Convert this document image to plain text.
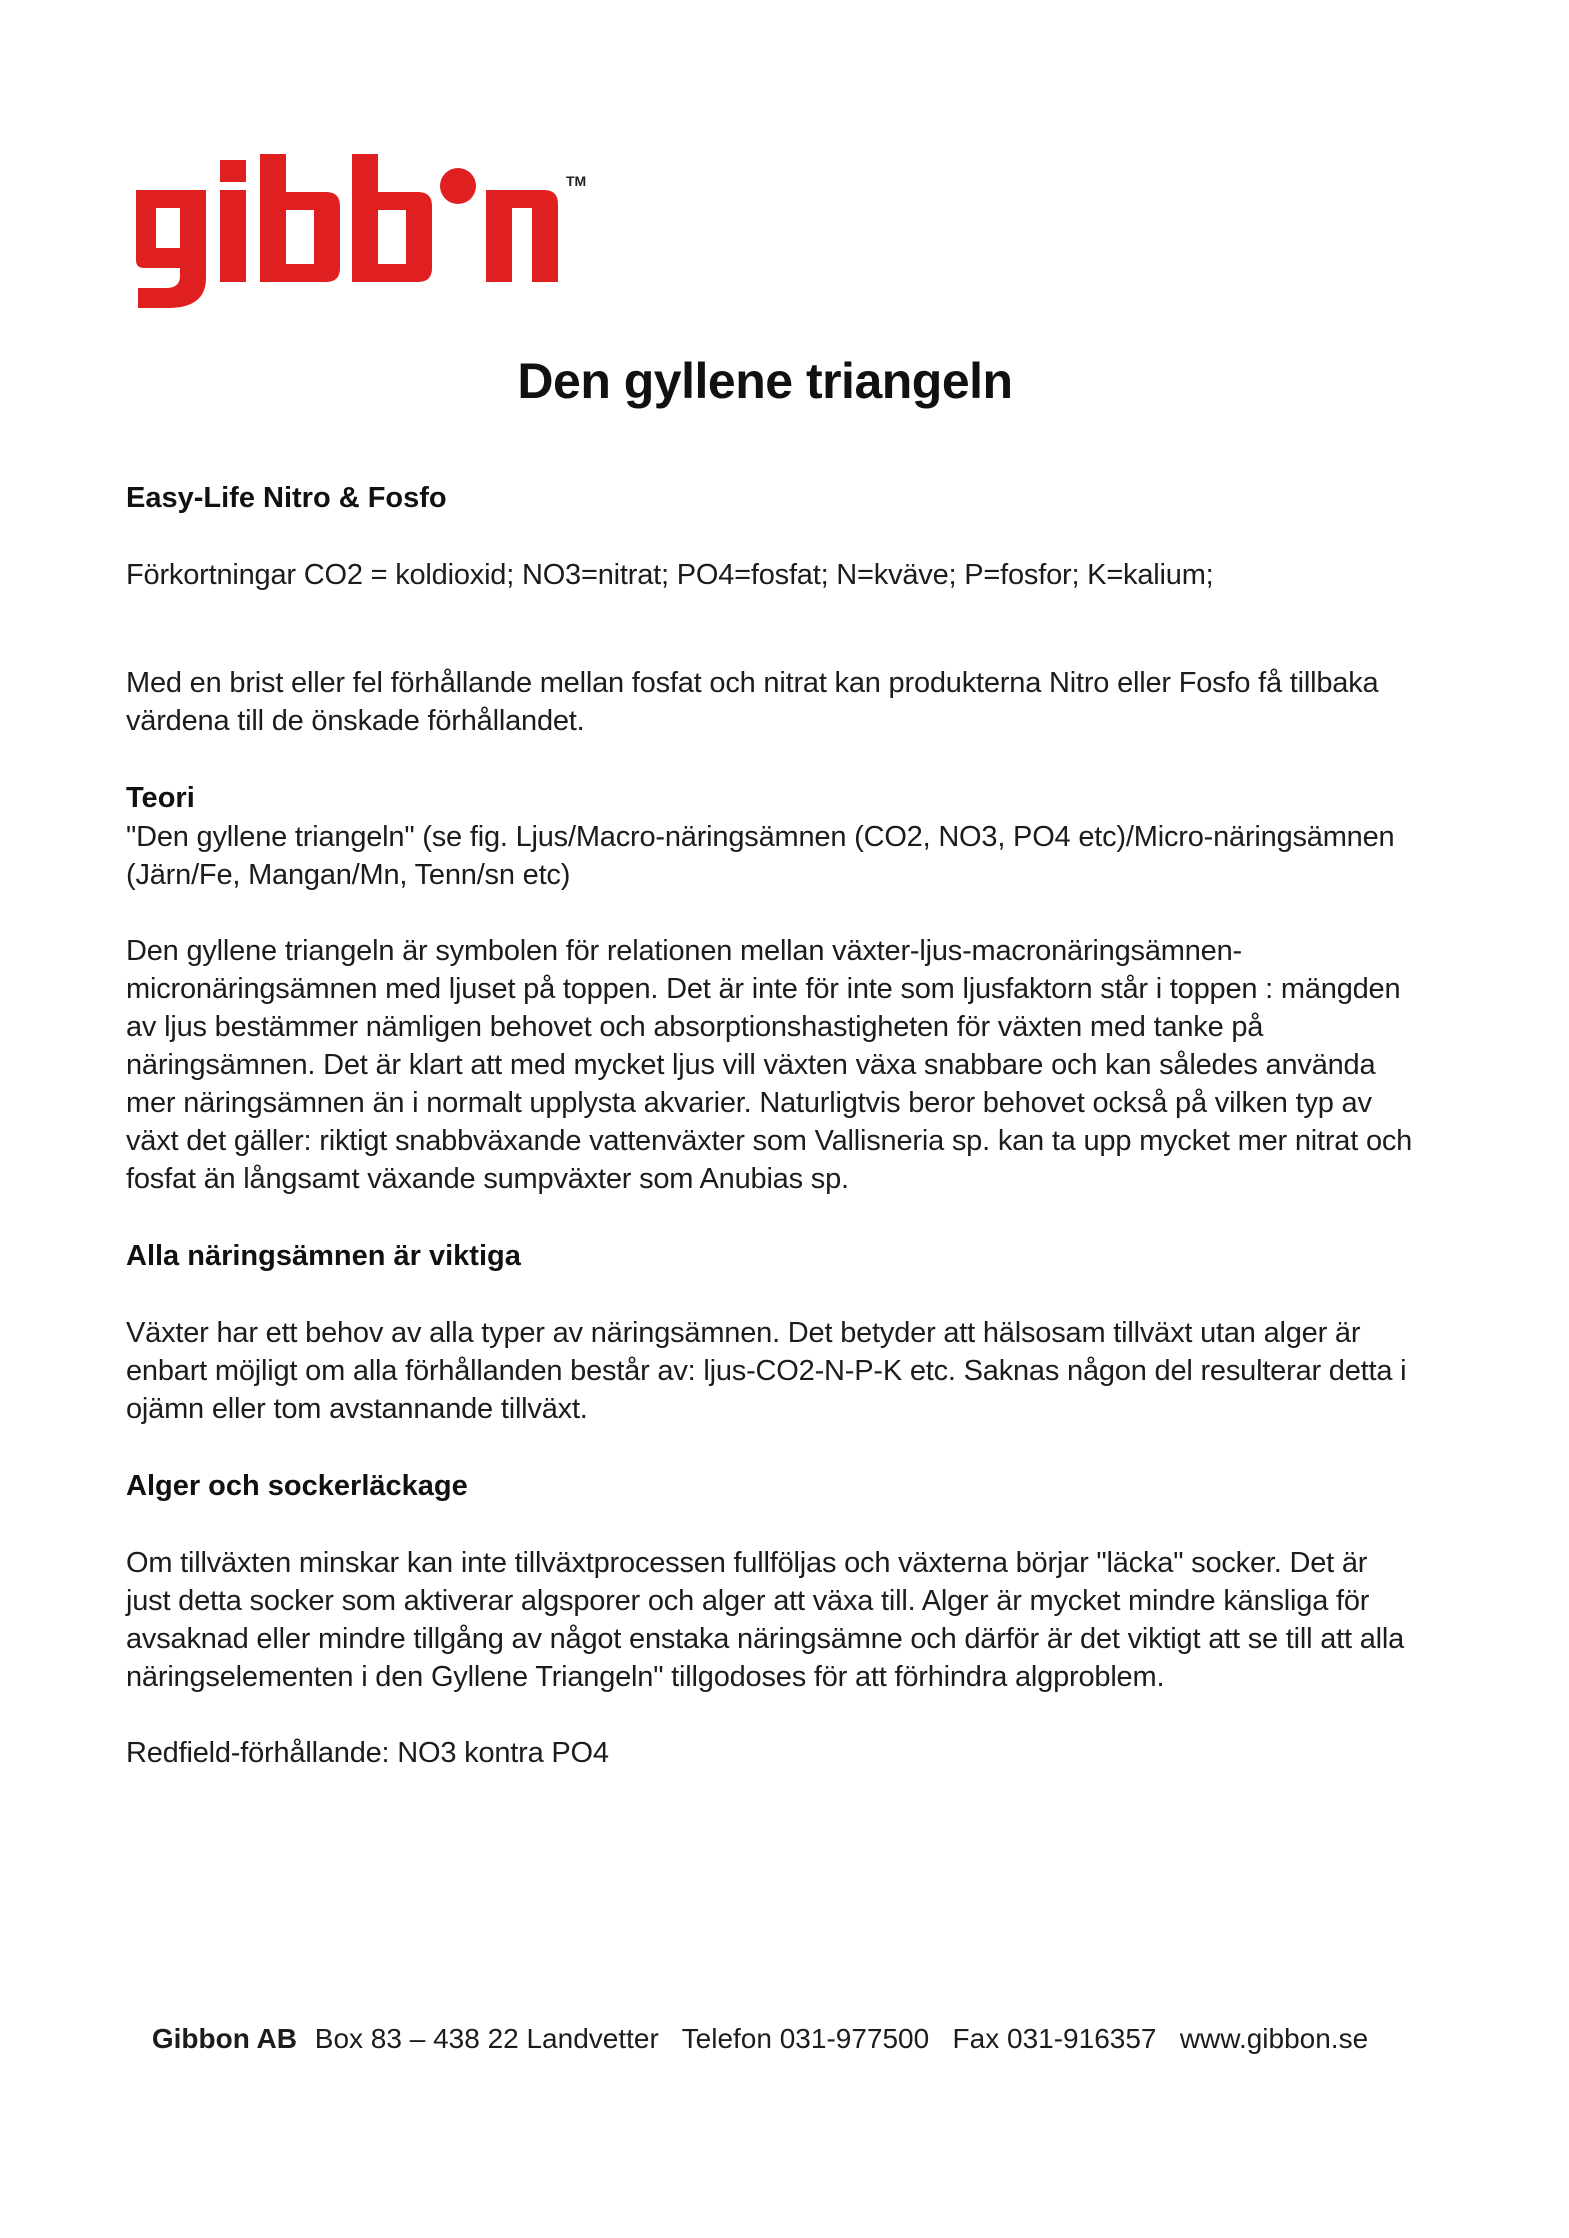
TM
Den gyllene triangeln
Easy-Life Nitro & Fosfo

Förkortningar CO2 = koldioxid; NO3=nitrat; PO4=fosfat; N=kväve; P=fosfor; K=kalium;

Med en brist eller fel förhållande mellan fosfat och nitrat kan produkterna Nitro eller Fosfo få tillbaka värdena till de önskade förhållandet.

Teori

"Den gyllene triangeln" (se fig. Ljus/Macro-näringsämnen (CO2, NO3, PO4 etc)/Micro-näringsämnen (Järn/Fe, Mangan/Mn, Tenn/sn etc)

Den gyllene triangeln är symbolen för relationen mellan växter-ljus-macronäringsämnen-micronäringsämnen med ljuset på toppen. Det är inte för inte som ljusfaktorn står i toppen : mängden av ljus bestämmer nämligen behovet och absorptionshastigheten för växten med tanke på näringsämnen. Det är klart att med mycket ljus vill växten växa snabbare och kan således använda mer näringsämnen än i normalt upplysta akvarier. Naturligtvis beror behovet också på vilken typ av växt det gäller: riktigt snabbväxande vattenväxter som Vallisneria sp. kan ta upp mycket mer nitrat och fosfat än långsamt växande sumpväxter som Anubias sp.

Alla näringsämnen är viktiga

Växter har ett behov av alla typer av näringsämnen. Det betyder att hälsosam tillväxt utan alger är enbart möjligt om alla förhållanden består av: ljus-CO2-N-P-K etc. Saknas någon del resulterar detta i ojämn eller tom avstannande tillväxt.

Alger och sockerläckage

Om tillväxten minskar kan inte tillväxtprocessen fullföljas och växterna börjar "läcka" socker. Det är just detta socker som aktiverar algsporer och alger att växa till. Alger är mycket mindre känsliga för avsaknad eller mindre tillgång av något enstaka näringsämne och därför är det viktigt att se till att alla näringselementen i den Gyllene Triangeln" tillgodoses för att förhindra algproblem.

Redfield-förhållande: NO3 kontra PO4

Gibbon AB Box 83 – 438 22 Landvetter Telefon 031-977500 Fax 031-916357 www.gibbon.se
